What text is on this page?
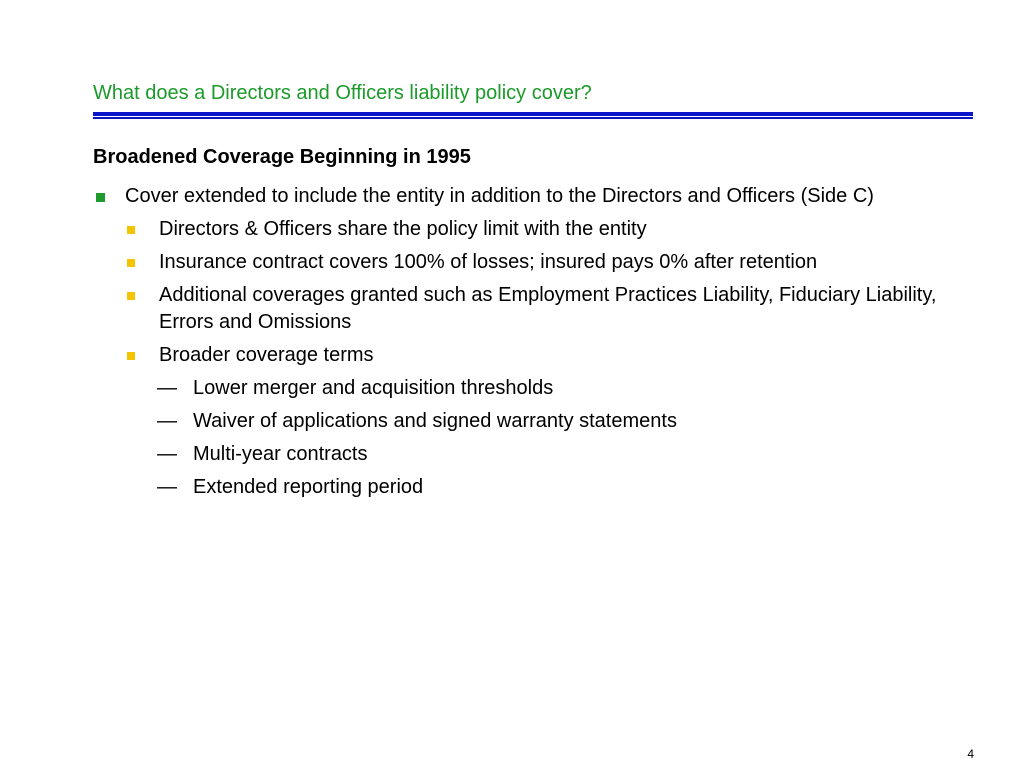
What does a Directors and Officers liability policy cover?
Broadened Coverage Beginning in 1995
Cover extended to include the entity in addition to the Directors and Officers (Side C)
Directors & Officers share the policy limit with the entity
Insurance contract covers 100% of losses; insured pays 0% after retention
Additional coverages granted such as Employment Practices Liability, Fiduciary Liability, Errors and Omissions
Broader coverage terms
— Lower merger and acquisition thresholds
— Waiver of applications and signed warranty statements
— Multi-year contracts
— Extended reporting period
4
